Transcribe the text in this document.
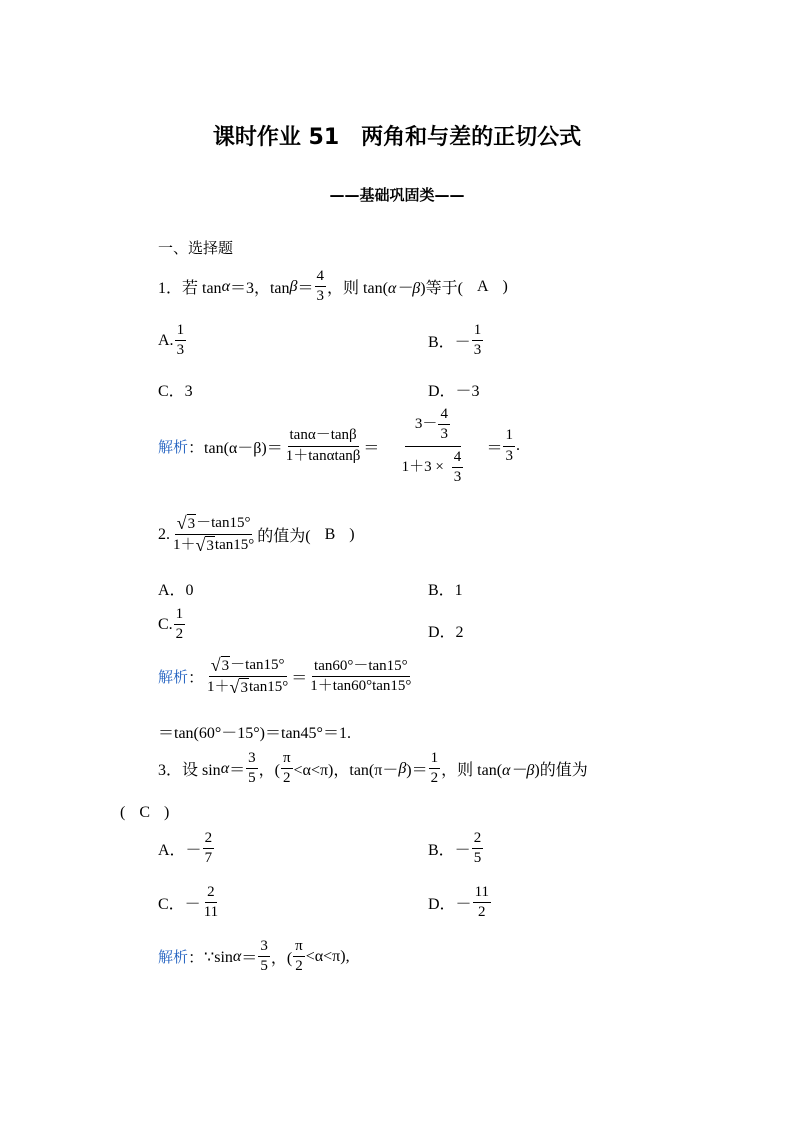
课时作业 51　两角和与差的正切公式
——基础巩固类——
一、选择题
1．若 tan α ＝3，$\tan \beta = \frac{4}{3}$ ，则 tan( α－β )等于( A )
A. $\frac{1}{3}$	B．－ $\frac{1}{3}$
C．3	D．－3
解析 ： $\tan(\alpha-\beta)= \frac{\tan\alpha-\tan\beta}{1+\tan\alpha\tan\beta} = \frac{3- \frac{4}{3}}{1+3 \times \frac{4}{3}} = \frac{1}{3}$ .
2. $\frac{√ 3 -\tan 15^\circ}{1+ √ 3 \tan 15^\circ}$ 的值为( B )
A．0	B．1
C. $\frac{1}{2}$	D．2
解析 ： $\frac{√ 3 -\tan 15^\circ}{1+ √ 3 \tan 15^\circ} = \frac{\tan 60^\circ-\tan 15^\circ}{1+\tan 60^\circ\tan 15^\circ}$
＝tan(60°－15°)＝tan45°＝1.
3．设 $\sin \alpha = \frac{3}{5}$ ，( $\frac{\pi}{2} <\alpha<\pi$)，tan(π－ β )＝ $\frac{1}{2}$ ，则 tan( α－β )的值为
( C )
A．－ $\frac{2}{7}$	B．－ $\frac{2}{5}$
C．－ $\frac{2}{11}$	D．－ $\frac{11}{2}$
解析 ： ∵sin $\alpha = \frac{3}{5}$ ，( $\frac{\pi}{2} <\alpha<\pi$),
